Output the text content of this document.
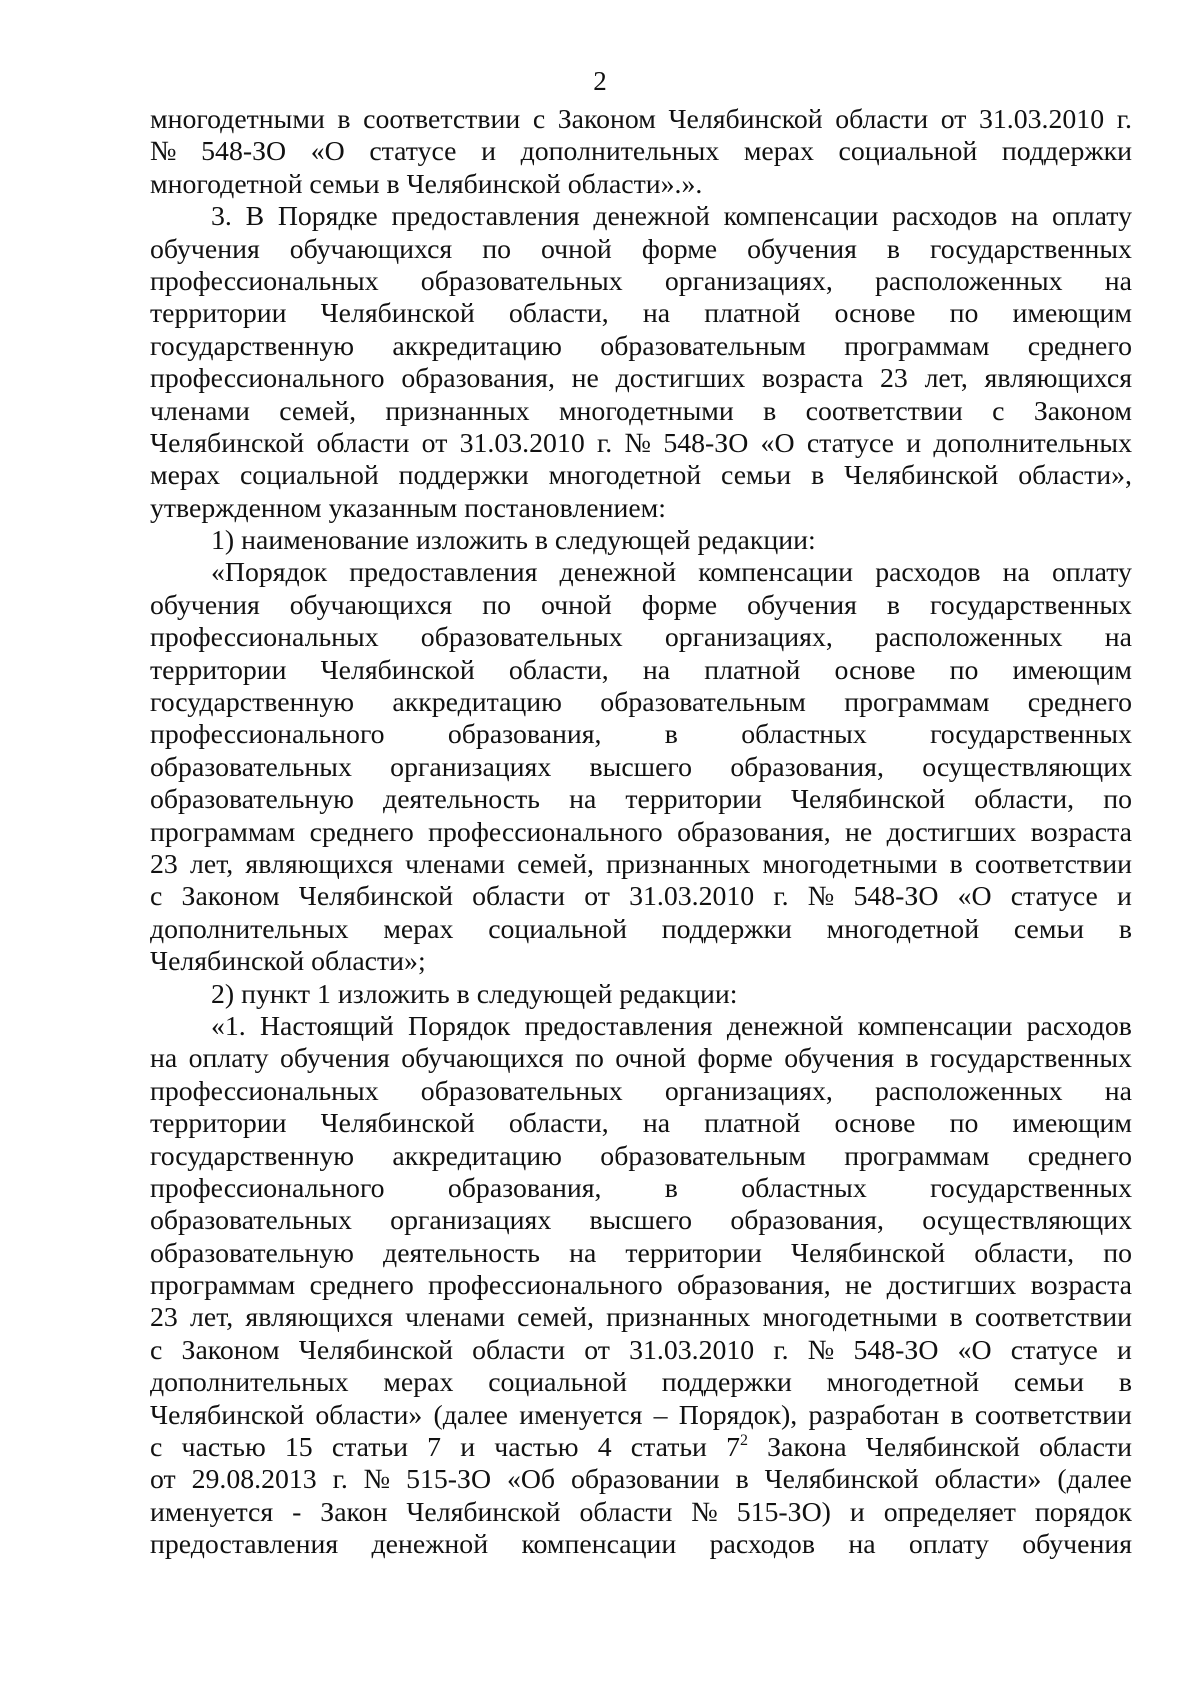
2
многодетными в соответствии с Законом Челябинской области от 31.03.2010 г.
№ 548-ЗО «О статусе и дополнительных мерах социальной поддержки
многодетной семьи в Челябинской области».».
3. В Порядке предоставления денежной компенсации расходов на оплату
обучения обучающихся по очной форме обучения в государственных
профессиональных образовательных организациях, расположенных на
территории Челябинской области, на платной основе по имеющим
государственную аккредитацию образовательным программам среднего
профессионального образования, не достигших возраста 23 лет, являющихся
членами семей, признанных многодетными в соответствии с Законом
Челябинской области от 31.03.2010 г. № 548-ЗО «О статусе и дополнительных
мерах социальной поддержки многодетной семьи в Челябинской области»,
утвержденном указанным постановлением:
1) наименование изложить в следующей редакции:
«Порядок предоставления денежной компенсации расходов на оплату
обучения обучающихся по очной форме обучения в государственных
профессиональных образовательных организациях, расположенных на
территории Челябинской области, на платной основе по имеющим
государственную аккредитацию образовательным программам среднего
профессионального образования, в областных государственных
образовательных организациях высшего образования, осуществляющих
образовательную деятельность на территории Челябинской области, по
программам среднего профессионального образования, не достигших возраста
23 лет, являющихся членами семей, признанных многодетными в соответствии
с Законом Челябинской области от 31.03.2010 г. № 548-ЗО «О статусе и
дополнительных мерах социальной поддержки многодетной семьи в
Челябинской области»;
2) пункт 1 изложить в следующей редакции:
«1. Настоящий Порядок предоставления денежной компенсации расходов
на оплату обучения обучающихся по очной форме обучения в государственных
профессиональных образовательных организациях, расположенных на
территории Челябинской области, на платной основе по имеющим
государственную аккредитацию образовательным программам среднего
профессионального образования, в областных государственных
образовательных организациях высшего образования, осуществляющих
образовательную деятельность на территории Челябинской области, по
программам среднего профессионального образования, не достигших возраста
23 лет, являющихся членами семей, признанных многодетными в соответствии
с Законом Челябинской области от 31.03.2010 г. № 548-ЗО «О статусе и
дополнительных мерах социальной поддержки многодетной семьи в
Челябинской области» (далее именуется – Порядок), разработан в соответствии
с частью 15 статьи 7 и частью 4 статьи $7^2$ Закона Челябинской области
от 29.08.2013 г. № 515-ЗО «Об образовании в Челябинской области» (далее
именуется - Закон Челябинской области № 515-ЗО) и определяет порядок
предоставления денежной компенсации расходов на оплату обучения
